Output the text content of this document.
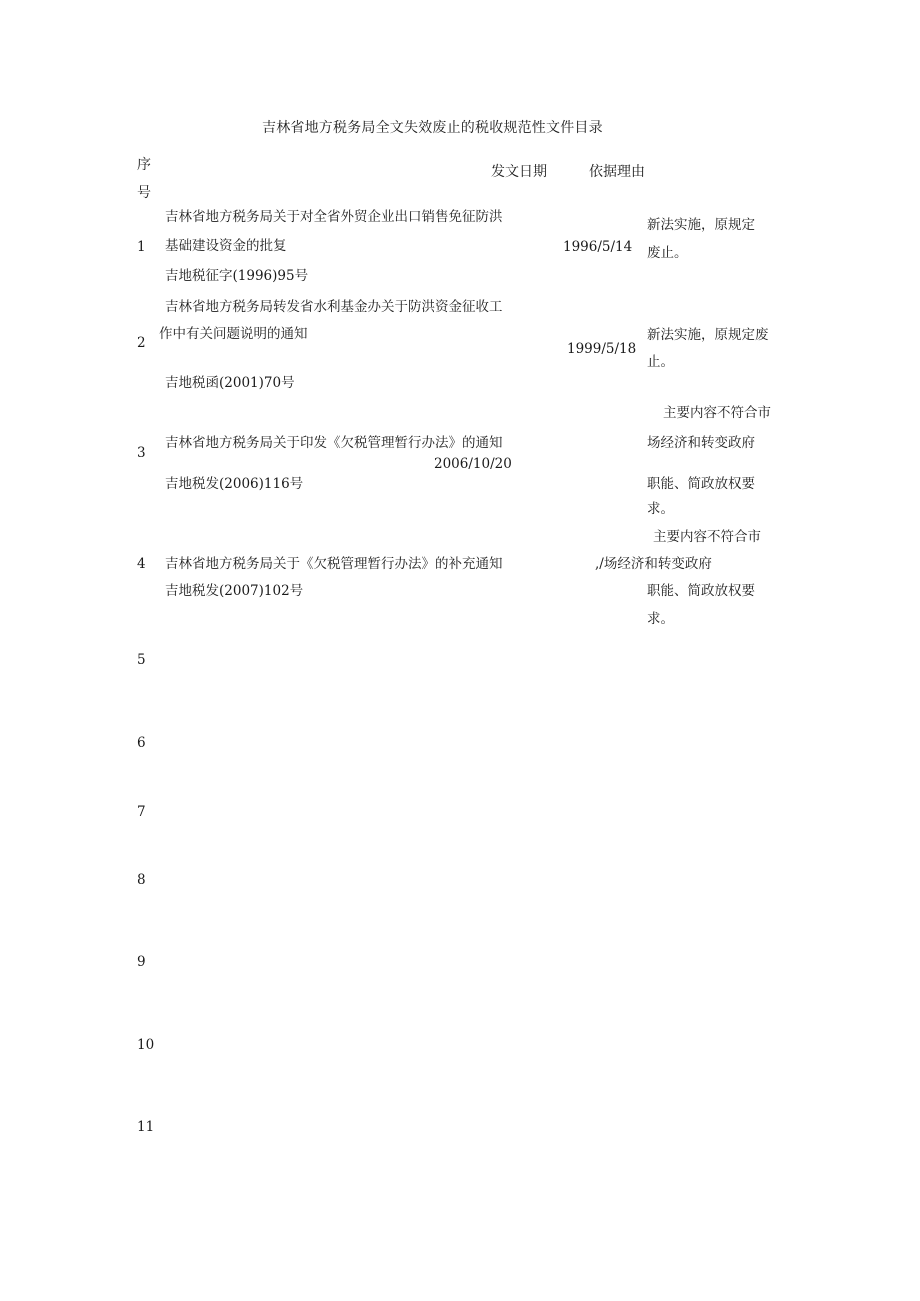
吉林省地方税务局全文失效废止的税收规范性文件目录
序
号
发文日期	依据理由
1
吉林省地方税务局关于对全省外贸企业出口销售免征防洪
基础建设资金的批复
吉地税征字(1996)95号
1996/5/14
新法实施，原规定
废止。
2
吉林省地方税务局转发省水利基金办关于防洪资金征收工
作中有关问题说明的通知
吉地税函(2001)70号
1999/5/18
新法实施，原规定废
止。
3
吉林省地方税务局关于印发《欠税管理暂行办法》的通知
2006/10/20
吉地税发(2006)116号
主要内容不符合市
场经济和转变政府
职能、简政放权要
求。
4 吉林省地方税务局关于《欠税管理暂行办法》的补充通知
吉地税发(2007)102号
主要内容不符合市
,/场经济和转变政府
职能、简政放权要
求。
5
6
7
8
9
10
11
